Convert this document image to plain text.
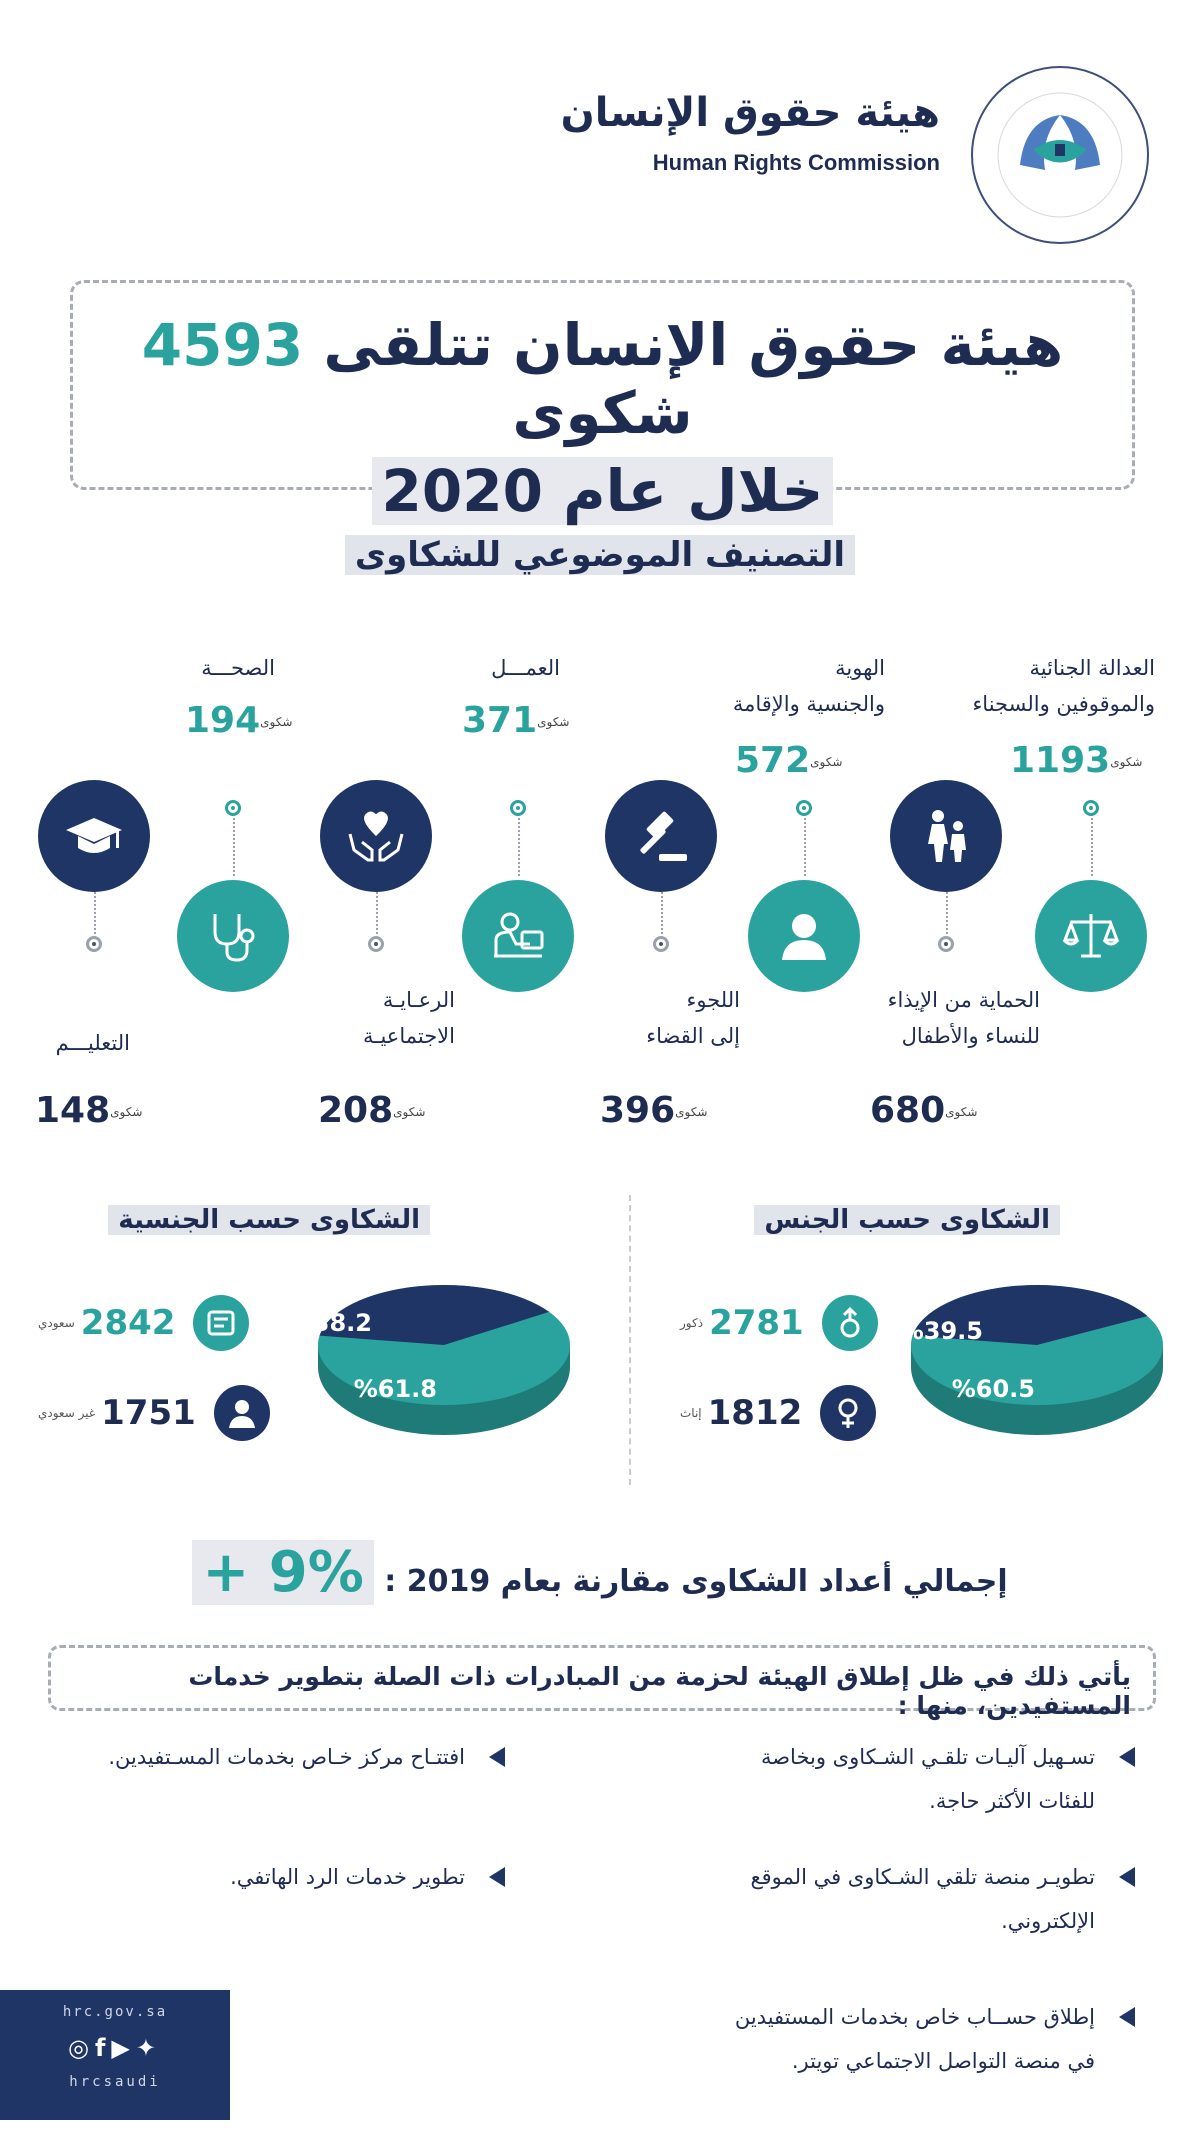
هيئة حقوق الإنسان
Human Rights Commission
هيئة حقوق الإنسان تتلقى 4593 شكوى
خلال عام 2020
التصنيف الموضوعي للشكاوى
العدالة الجنائية
والموقوفين والسجناء
شكوى1193
الهوية
والجنسية والإقامة
شكوى572
العمـــل
شكوى371
الصحـــة
شكوى194
الحماية من الإيذاء
للنساء والأطفال
شكوى680
اللجوء
إلى القضاء
شكوى396
الرعـايـة
الاجتماعيـة
شكوى208
التعليـــم
شكوى148
الشكاوى حسب الجنس
الشكاوى حسب الجنسية
%39.5
%60.5
ذكور 2781
إناث 1812
%38.2
%61.8
سعودي 2842
غير سعودي 1751
إجمالي أعداد الشكاوى مقارنة بعام 2019 : + 9%
يأتي ذلك في ظل إطلاق الهيئة لحزمة من المبادرات ذات الصلة بتطوير خدمات المستفيدين، منها :
تسـهيل آليـات تلقـي الشـكاوى وبخاصة
للفئات الأكثر حاجة.
تطويـر منصة تلقي الشـكاوى في الموقع
الإلكتروني.
إطلاق حســاب خاص بخدمات المستفيدين
في منصة التواصل الاجتماعي تويتر.
افتتـاح مركز خـاص بخدمات المسـتفيدين.
تطوير خدمات الرد الهاتفي.
hrc.gov.sa
◎f▶✦
hrcsaudi
